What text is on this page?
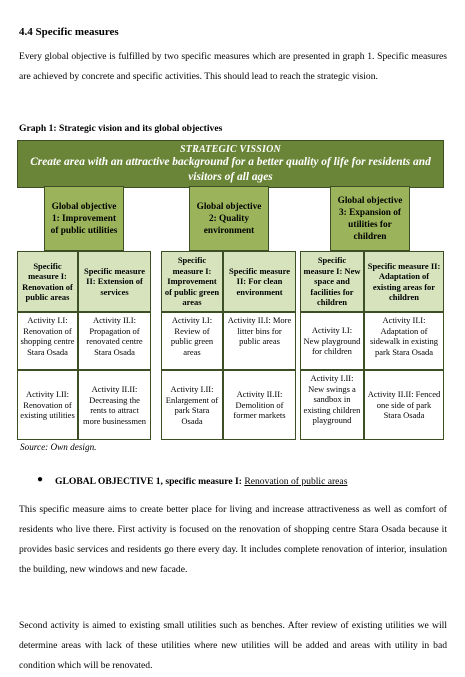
4.4 Specific measures
Every global objective is fulfilled by two specific measures which are presented in graph 1. Specific measures are achieved by concrete and specific activities. This should lead to reach the strategic vision.
Graph 1: Strategic vision and its global objectives
STRATEGIC VISSION
Create area with an attractive background for a better quality of life for residents and visitors of all ages
Global objective 1: Improvement of public utilities
Global objective 2: Quality environment
Global objective 3: Expansion of utilities for children
Specific measure I: Renovation of public areas
Specific measure II: Extension of services
Specific measure I: Improvement of public green areas
Specific measure II: For clean environment
Specific measure I: New space and facilities for children
Specific measure II: Adaptation of existing areas for children
Activity I.I: Renovation of shopping centre Stara Osada
Activity II.I: Propagation of renovated centre Stara Osada
Activity I.I: Review of public green areas
Activity II.I: More litter bins for public areas
Activity I.I: New playground for children
Activity II.I: Adaptation of sidewalk in existing park Stara Osada
Activity I.II: Renovation of existing utilities
Activity II.II: Decreasing the rents to attract more businessmen
Activity I.II: Enlargement of park Stara Osada
Activity II.II: Demolition of former markets
Activity I.II: New swings a sandbox in existing children playground
Activity II.II: Fenced one side of park Stara Osada
Source: Own design.
● GLOBAL OBJECTIVE 1, specific measure I: Renovation of public areas
This specific measure aims to create better place for living and increase attractiveness as well as comfort of residents who live there. First activity is focused on the renovation of shopping centre Stara Osada because it provides basic services and residents go there every day. It includes complete renovation of interior, insulation the building, new windows and new facade.
Second activity is aimed to existing small utilities such as benches. After review of existing utilities we will determine areas with lack of these utilities where new utilities will be added and areas with utility in bad condition which will be renovated.
